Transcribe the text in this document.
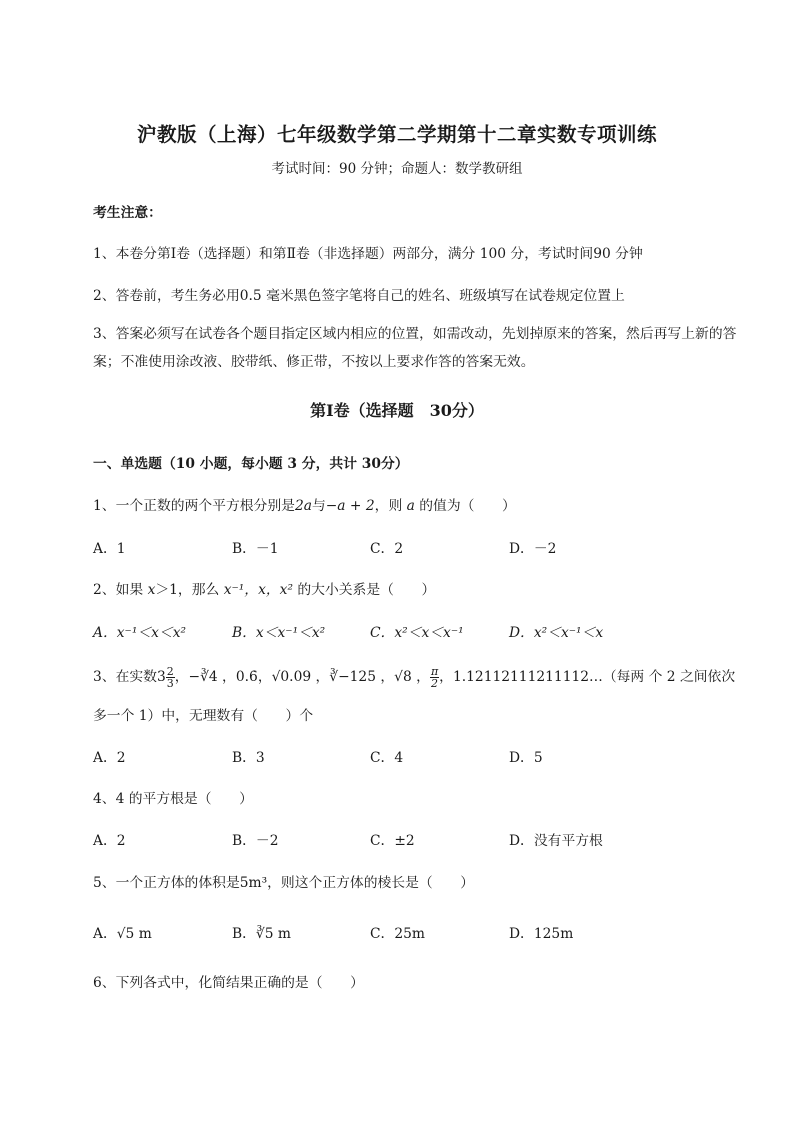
沪教版（上海）七年级数学第二学期第十二章实数专项训练
考试时间：90 分钟；命题人：数学教研组
考生注意：
1、本卷分第Ⅰ卷（选择题）和第Ⅱ卷（非选择题）两部分，满分 100 分，考试时间90 分钟
2、答卷前，考生务必用0.5 毫米黑色签字笔将自己的姓名、班级填写在试卷规定位置上
3、答案必须写在试卷各个题目指定区域内相应的位置，如需改动，先划掉原来的答案，然后再写上新的答案；不准使用涂改液、胶带纸、修正带，不按以上要求作答的答案无效。
第Ⅰ卷（选择题　30分）
一、单选题（10 小题，每小题 3 分，共计 30分）
1、一个正数的两个平方根分别是2a与−a + 2，则 a 的值为（　　）
A．1	B．－1	C．2	D．－2
2、如果 x＞1，那么 x⁻¹，x，x² 的大小关系是（　　）
A．x⁻¹＜x＜x²	B．x＜x⁻¹＜x²	C．x²＜x＜x⁻¹	D．x²＜x⁻¹＜x
3、在实数$3 \frac{2}{3}$ ，−∛4 ，0.6̇，√0.09 ，∛−125 ，√8 ， $\frac{\pi}{2}$ ，1.12112111211112…（每两 个 2 之间依次
多一个 1）中，无理数有（　　）个
A．2	B．3	C．4	D．5
4、4 的平方根是（　　）
A．2	B．－2	C．±2	D．没有平方根
5、一个正方体的体积是5m³，则这个正方体的棱长是（　　）
A．√5 m	B．∛5 m	C．25m	D．125m
6、下列各式中，化简结果正确的是（　　）
